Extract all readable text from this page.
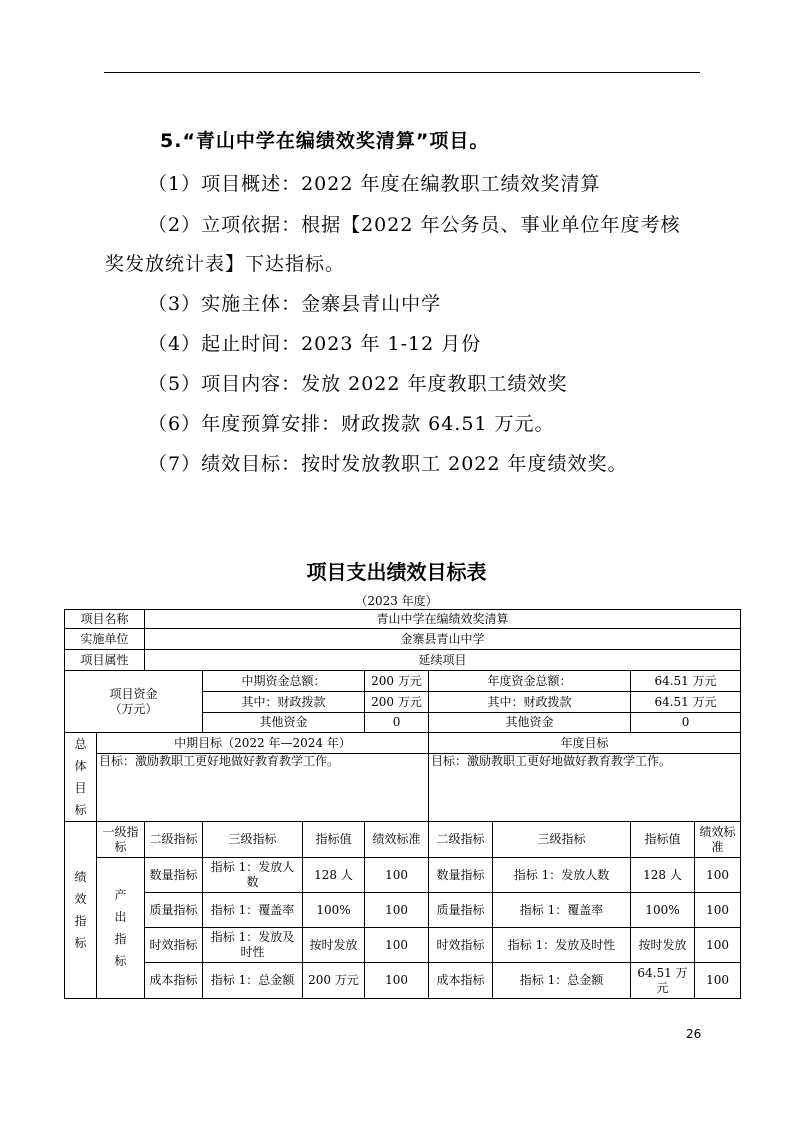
5.“青山中学在编绩效奖清算”项目。
（1）项目概述：2022 年度在编教职工绩效奖清算
（2）立项依据：根据【2022 年公务员、事业单位年度考核
奖发放统计表】下达指标。
（3）实施主体：金寨县青山中学
（4）起止时间：2023 年 1-12 月份
（5）项目内容：发放 2022 年度教职工绩效奖
（6）年度预算安排：财政拨款 64.51 万元。
（7）绩效目标：按时发放教职工 2022 年度绩效奖。
项目支出绩效目标表
（2023 年度）
项目名称		青山中学在编绩效奖清算							
实施单位		金寨县青山中学							
项目属性		延续项目							

项目资金
（万元）			中期资金总额：		200 万元	年度资金总额：		64.51 万元	
			其中：财政拨款		200 万元	其中：财政拨款		64.51 万元	
			其他资金		0	其他资金		0	

总
体
目
标	中期目标（2022 年—2024 年）					年度目标			
	目标：激励教职工更好地做好教育教学工作。					目标：激励教职工更好地做好教育教学工作。			

绩
效
指
标	一级指标	二级指标	三级指标	指标值	绩效标准	二级指标	三级指标	指标值	绩效标准

	产
出
指
标	数量指标	指标 1：发放人数	128 人	100	数量指标	指标 1：发放人数	128 人	100
		质量指标	指标 1：覆盖率	100%	100	质量指标	指标 1：覆盖率	100%	100
		时效指标	指标 1：发放及时性	按时发放	100	时效指标	指标 1：发放及时性	按时发放	100
		成本指标	指标 1：总金额	200 万元	100	成本指标	指标 1：总金额	64.51 万元	100
26
